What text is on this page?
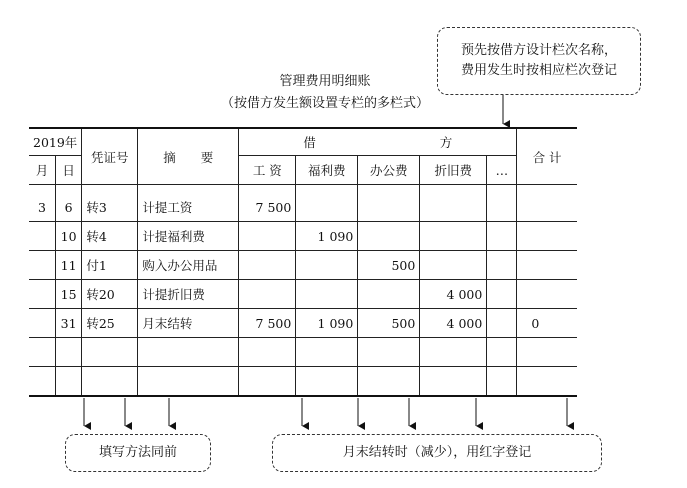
预先按借方设计栏次名称，
费用发生时按相应栏次登记
管理费用明细账
（按借方发生额设置专栏的多栏式）
2019年		凭证号	摘　　要	借 方					合 计
月	日			工 资	福利费	办公费	折旧费	…	

3	6	转3	计提工资	7 500					
	10	转4	计提福利费		1 090				
	11	付1	购入办公用品			500			
	15	转20	计提折旧费				4 000		
	31	转25	月末结转	7 500	1 090	500	4 000		0

填写方法同前	月末结转时（减少），用红字登记
